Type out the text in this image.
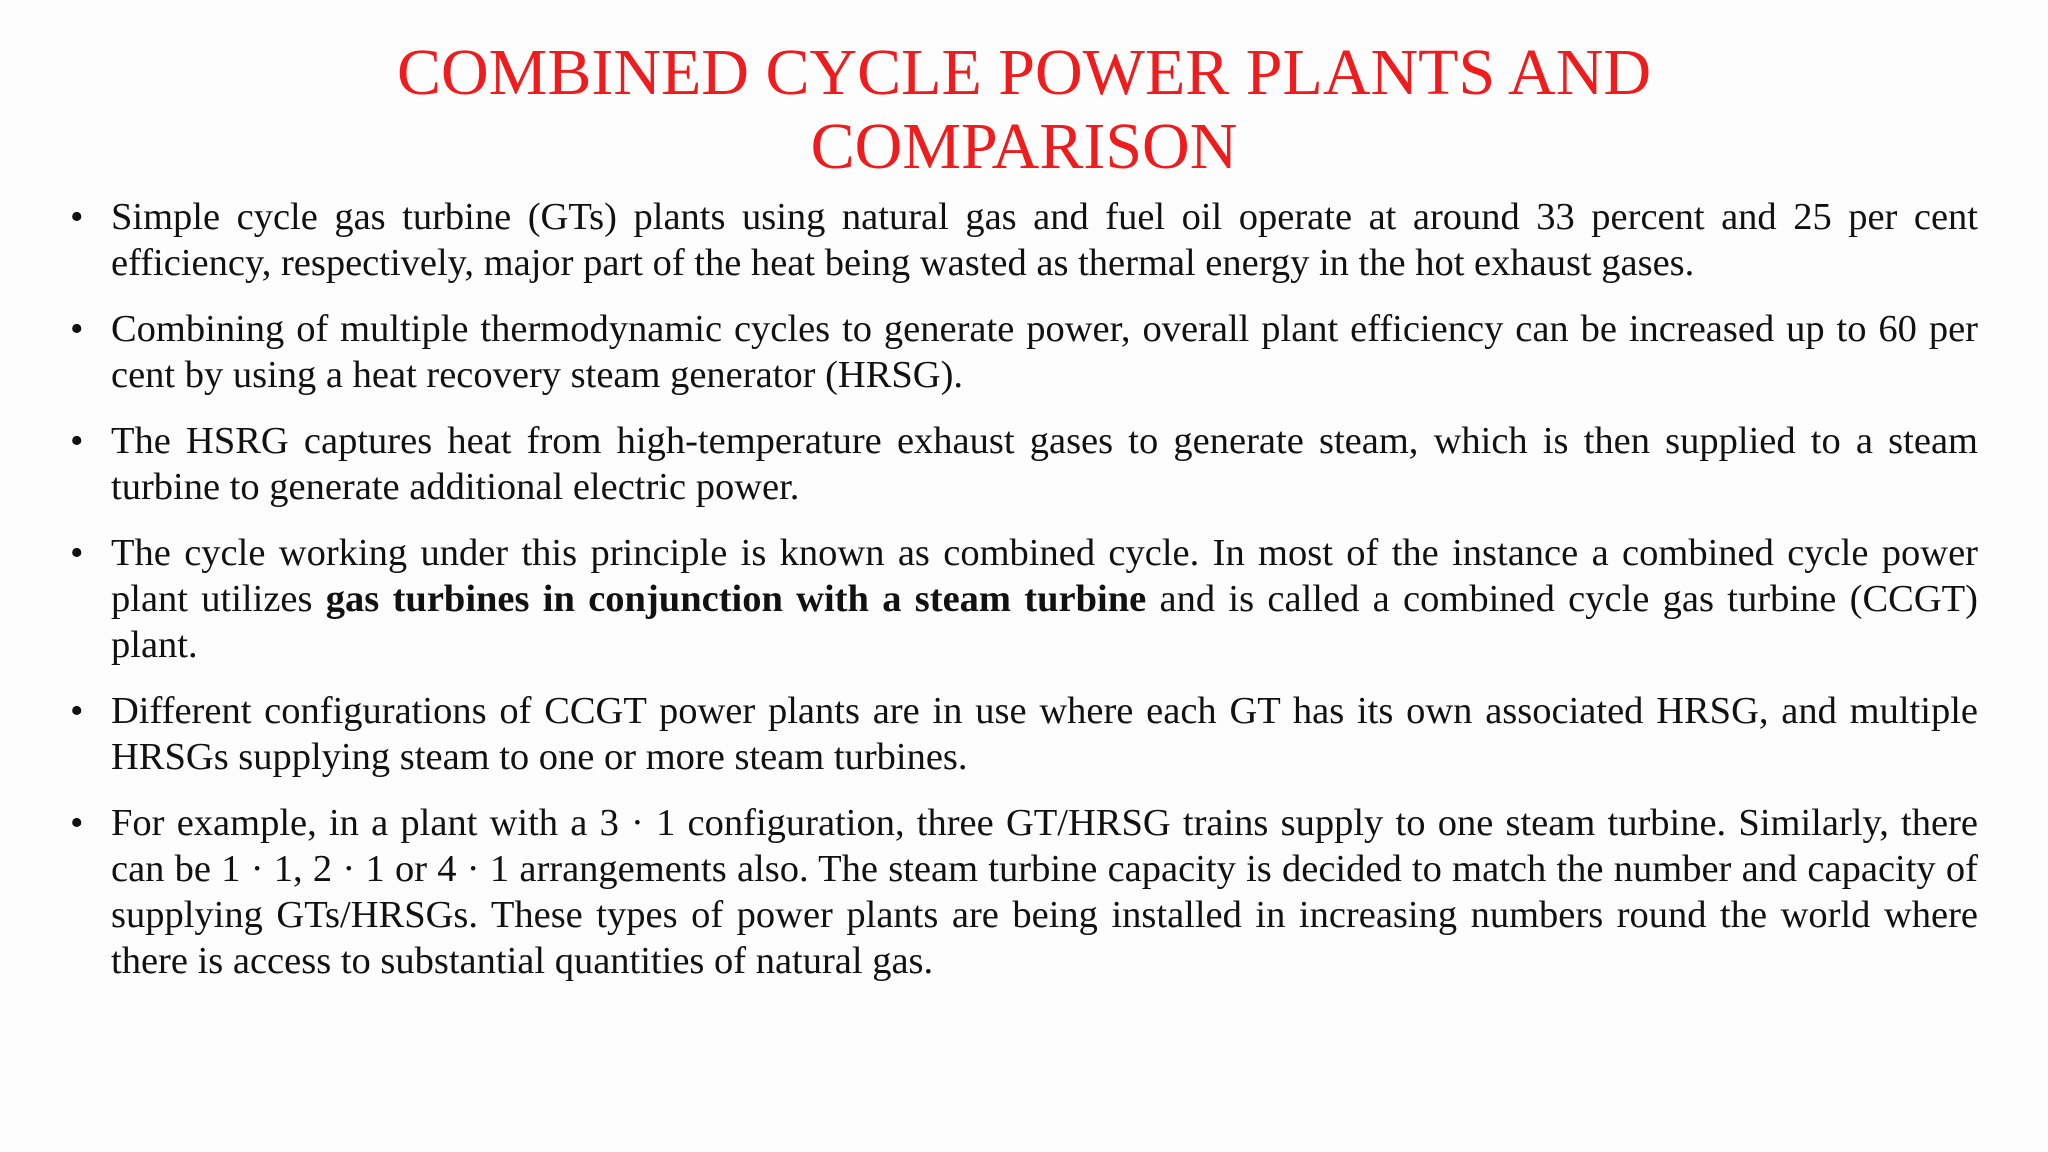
COMBINED CYCLE POWER PLANTS AND
COMPARISON
• Simple cycle gas turbine (GTs) plants using natural gas and fuel oil operate at around 33 percent and 25 per cent efficiency, respectively, major part of the heat being wasted as thermal energy in the hot exhaust gases.
• Combining of multiple thermodynamic cycles to generate power, overall plant efficiency can be increased up to 60 per cent by using a heat recovery steam generator (HRSG).
• The HSRG captures heat from high-temperature exhaust gases to generate steam, which is then supplied to a steam turbine to generate additional electric power.
• The cycle working under this principle is known as combined cycle. In most of the instance a combined cycle power plant utilizes gas turbines in conjunction with a steam turbine and is called a combined cycle gas turbine (CCGT) plant.
• Different configurations of CCGT power plants are in use where each GT has its own associated HRSG, and multiple HRSGs supplying steam to one or more steam turbines.
• For example, in a plant with a 3 · 1 configuration, three GT/HRSG trains supply to one steam turbine. Similarly, there can be 1 · 1, 2 · 1 or 4 · 1 arrangements also. The steam turbine capacity is decided to match the number and capacity of supplying GTs/HRSGs. These types of power plants are being installed in increasing numbers round the world where there is access to substantial quantities of natural gas.
